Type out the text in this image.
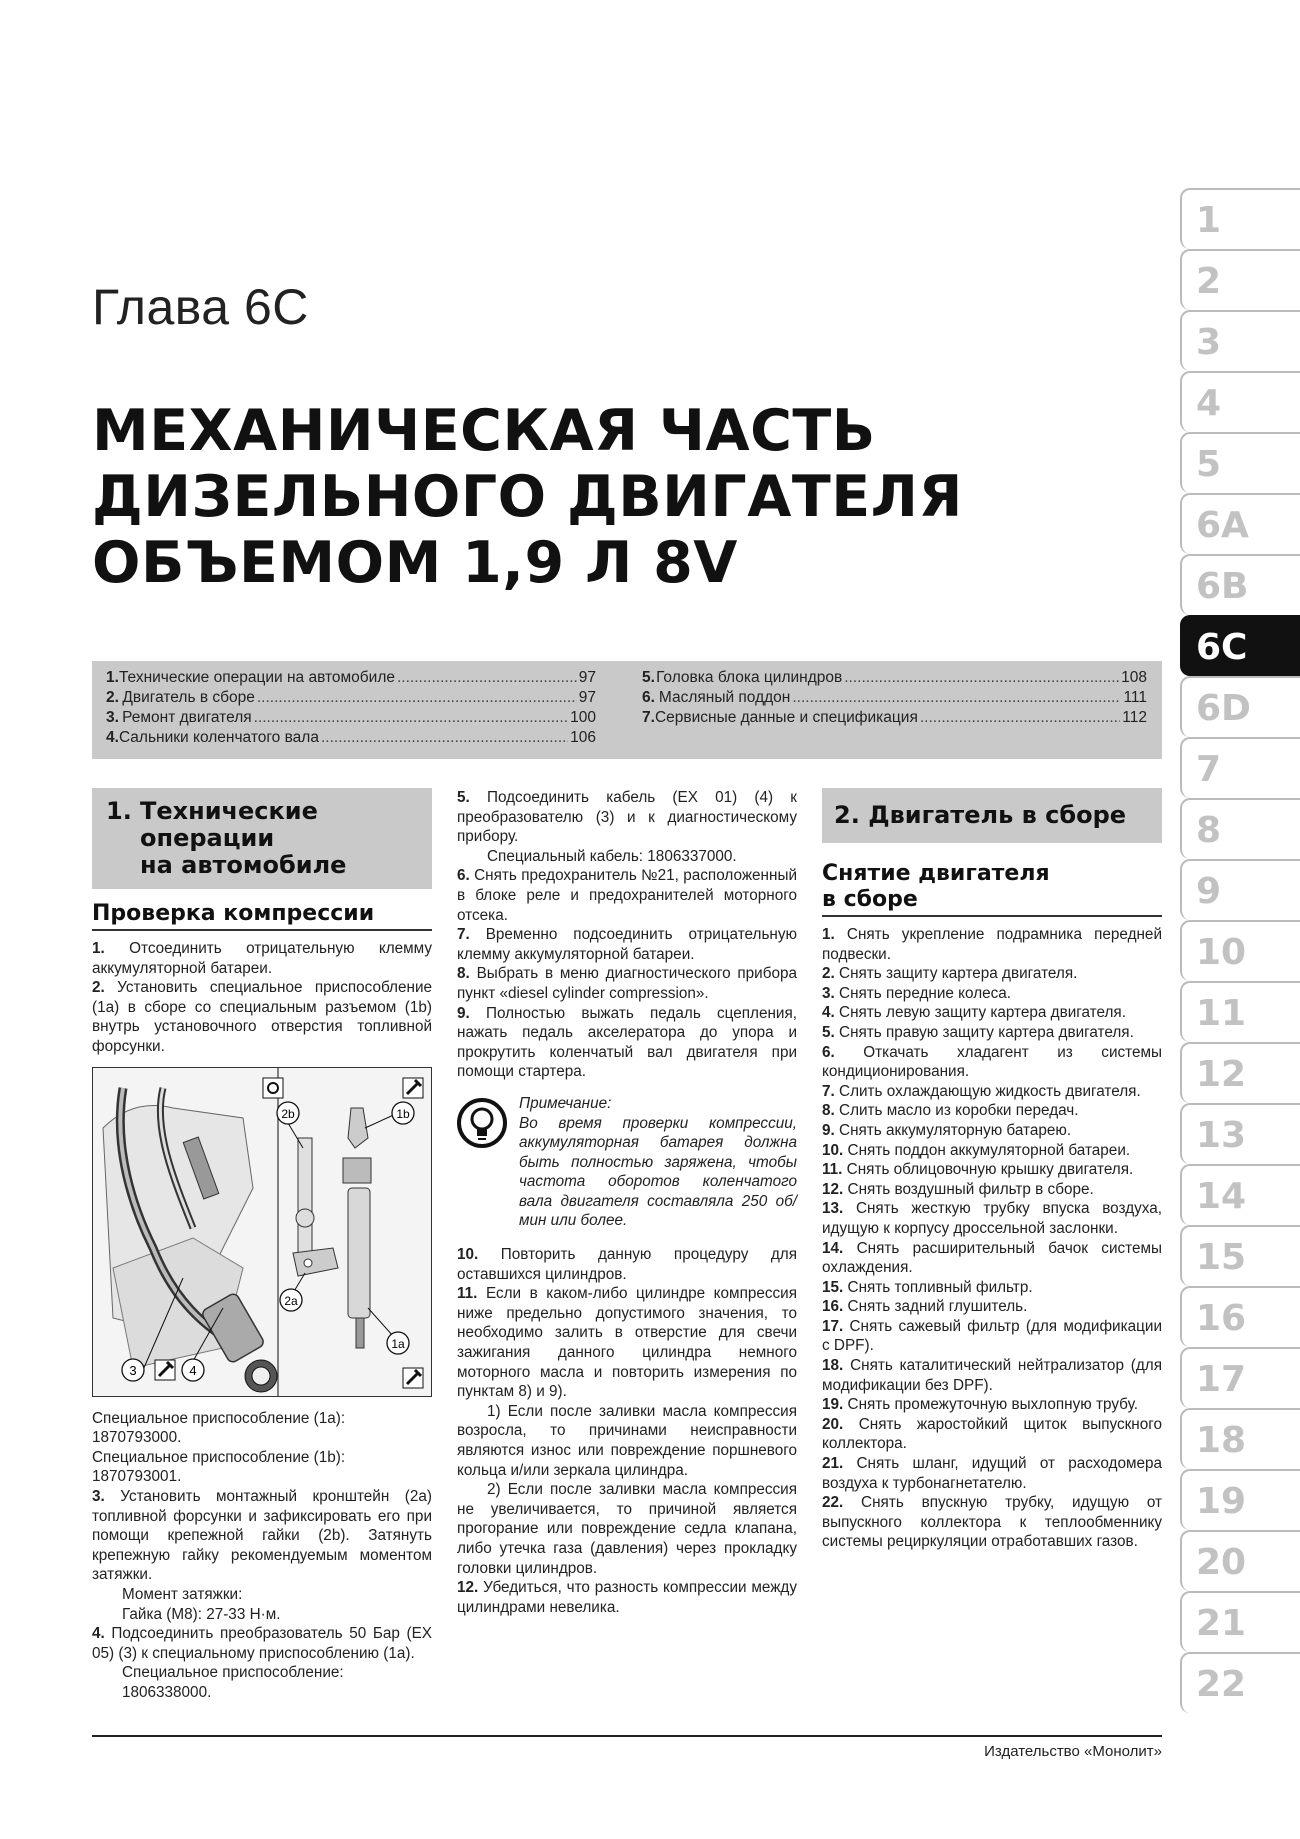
Глава 6С
МЕХАНИЧЕСКАЯ ЧАСТЬ
ДИЗЕЛЬНОГО ДВИГАТЕЛЯ
ОБЪЕМОМ 1,9 Л 8V
1. Технические операции на автомобиле .....	97
2. Двигатель в сборе .....	97
3. Ремонт двигателя .....	100
4. Сальники коленчатого вала .....	106
5. Головка блока цилиндров .....	108
6. Масляный поддон .....	111
7. Сервисные данные и спецификация .....	112
1
2
3
4
5
6A
6B
6C
6D
7
8
9
10
11
12
13
14
15
16
17
18
19
20
21
22
1. Технические
операции
на автомобиле
Проверка компрессии

1. Отсоединить отрицательную клемму аккумуляторной батареи.

2. Установить специальное приспособление (1а) в сборе со специальным разъемом (1b) внутрь установочного отверстия топливной форсунки.

2b	1b
2a
1a
3	4

Специальное приспособление (1a): 1870793000.

Специальное приспособление (1b): 1870793001.

3. Установить монтажный кронштейн (2а) топливной форсунки и зафиксировать его при помощи крепежной гайки (2b). Затянуть крепежную гайку рекомендуемым моментом затяжки.

Момент затяжки:

Гайка (М8): 27-33 Н·м.

4. Подсоединить преобразователь 50 Бар (ЕХ 05) (3) к специальному приспособлению (1а).

Специальное приспособление: 1806338000.

5. Подсоединить кабель (ЕХ 01) (4) к преобразователю (3) и к диагностическому прибору.

Специальный кабель: 1806337000.

6. Снять предохранитель №21, расположенный в блоке реле и предохранителей моторного отсека.

7. Временно подсоединить отрицательную клемму аккумуляторной батареи.

8. Выбрать в меню диагностического прибора пункт «diesel cylinder compression».

9. Полностью выжать педаль сцепления, нажать педаль акселератора до упора и прокрутить коленчатый вал двигателя при помощи стартера.

Примечание:

Во время проверки компрессии, аккумуляторная батарея должна быть полностью заряжена, чтобы частота оборотов коленчатого вала двигателя составляла 250 об/мин или более.

10. Повторить данную процедуру для оставшихся цилиндров.

11. Если в каком-либо цилиндре компрессия ниже предельно допустимого значения, то необходимо залить в отверстие для свечи зажигания данного цилиндра немного моторного масла и повторить измерения по пунктам 8) и 9).

1) Если после заливки масла компрессия возросла, то причинами неисправности являются износ или повреждение поршневого кольца и/или зеркала цилиндра.

2) Если после заливки масла компрессия не увеличивается, то причиной является прогорание или повреждение седла клапана, либо утечка газа (давления) через прокладку головки цилиндров.

12. Убедиться, что разность компрессии между цилиндрами невелика.

2. Двигатель в сборе
Снятие двигателя
в сборе

1. Снять укрепление подрамника передней подвески.

2. Снять защиту картера двигателя.

3. Снять передние колеса.

4. Снять левую защиту картера двигателя.

5. Снять правую защиту картера двигателя.

6. Откачать хладагент из системы кондиционирования.

7. Слить охлаждающую жидкость двигателя.

8. Слить масло из коробки передач.

9. Снять аккумуляторную батарею.

10. Снять поддон аккумуляторной батареи.

11. Снять облицовочную крышку двигателя.

12. Снять воздушный фильтр в сборе.

13. Снять жесткую трубку впуска воздуха, идущую к корпусу дроссельной заслонки.

14. Снять расширительный бачок системы охлаждения.

15. Снять топливный фильтр.

16. Снять задний глушитель.

17. Снять сажевый фильтр (для модификации с DPF).

18. Снять каталитический нейтрализатор (для модификации без DPF).

19. Снять промежуточную выхлопную трубу.

20. Снять жаростойкий щиток выпускного коллектора.

21. Снять шланг, идущий от расходомера воздуха к турбонагнетателю.

22. Снять впускную трубку, идущую от выпускного коллектора к теплообменнику системы рециркуляции отработавших газов.

Издательство «Монолит»
